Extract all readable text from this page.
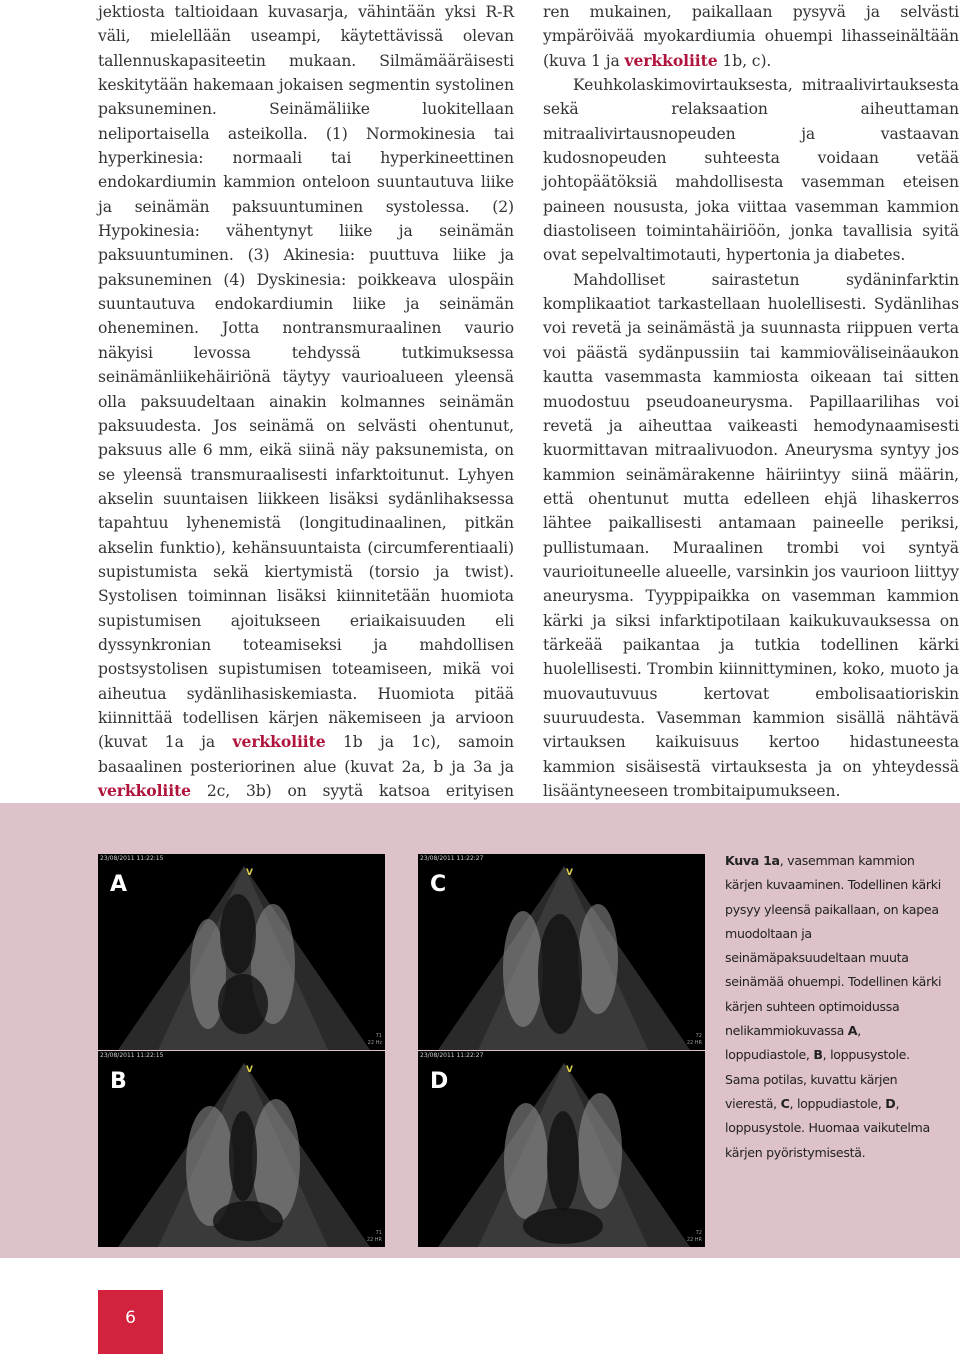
jektiosta taltioidaan kuvasarja, vähintään yksi R-R väli, mielellään useampi, käytettävissä olevan tallennuskapasiteetin mukaan. Silmämääräisesti keskitytään hakemaan jokaisen segmentin systolinen paksuneminen. Seinämäliike luokitellaan neliportaisella asteikolla. (1) Normokinesia tai hyperkinesia: normaali tai hyperkineettinen endokardiumin kammion onteloon suuntautuva liike ja seinämän paksuuntuminen systolessa. (2) Hypokinesia: vähentynyt liike ja seinämän paksuuntuminen. (3) Akinesia: puuttuva liike ja paksuneminen (4) Dyskinesia: poikkeava ulospäin suuntautuva endokardiumin liike ja seinämän oheneminen. Jotta nontransmuraalinen vaurio näkyisi levossa tehdyssä tutkimuksessa seinämänliikehäiriönä täytyy vaurioalueen yleensä olla paksuudeltaan ainakin kolmannes seinämän paksuudesta. Jos seinämä on selvästi ohentunut, paksuus alle 6 mm, eikä siinä näy paksunemista, on se yleensä transmuraalisesti infarktoitunut. Lyhyen akselin suuntaisen liikkeen lisäksi sydänlihaksessa tapahtuu lyhenemistä (longitudinaalinen, pitkän akselin funktio), kehänsuuntaista (circumferentiaali) supistumista sekä kiertymistä (torsio ja twist). Systolisen toiminnan lisäksi kiinnitetään huomiota supistumisen ajoitukseen eriaikaisuuden eli dyssynkronian toteamiseksi ja mahdollisen postsystolisen supistumisen toteamiseen, mikä voi aiheutua sydänlihasiskemiasta. Huomiota pitää kiinnittää todellisen kärjen näkemiseen ja arvioon (kuvat 1a ja verkkoliite 1b ja 1c), samoin basaalinen posteriorinen alue (kuvat 2a, b ja 3a ja verkkoliite 2c, 3b) on syytä katsoa erityisen

ren mukainen, paikallaan pysyvä ja selvästi ympäröivää myokardiumia ohuempi lihasseinältään (kuva 1 ja verkkoliite 1b, c).

Keuhkolaskimovirtauksesta, mitraalivirtauksesta sekä relaksaation aiheuttaman mitraalivirtausnopeuden ja vastaavan kudosnopeuden suhteesta voidaan vetää johtopäätöksiä mahdollisesta vasemman eteisen paineen noususta, joka viittaa vasemman kammion diastoliseen toimintahäiriöön, jonka tavallisia syitä ovat sepelvaltimotauti, hypertonia ja diabetes.

Mahdolliset sairastetun sydäninfarktin komplikaatiot tarkastellaan huolellisesti. Sydänlihas voi revetä ja seinämästä ja suunnasta riippuen verta voi päästä sydänpussiin tai kammioväliseinäaukon kautta vasemmasta kammiosta oikeaan tai sitten muodostuu pseudoaneurysma. Papillaarilihas voi revetä ja aiheuttaa vaikeasti hemodynaamisesti kuormittavan mitraalivuodon. Aneurysma syntyy jos kammion seinämärakenne häiriintyy siinä määrin, että ohentunut mutta edelleen ehjä lihaskerros lähtee paikallisesti antamaan paineelle periksi, pullistumaan. Muraalinen trombi voi syntyä vaurioituneelle alueelle, varsinkin jos vaurioon liittyy aneurysma. Tyyppipaikka on vasemman kammion kärki ja siksi infarktipotilaan kaikukuvauksessa on tärkeää paikantaa ja tutkia todellinen kärki huolellisesti. Trombin kiinnittyminen, koko, muoto ja muovautuvuus kertovat embolisaatioriskin suuruudesta. Vasemman kammion sisällä nähtävä virtauksen kaikuisuus kertoo hidastuneesta kammion sisäisestä virtauksesta ja on yhteydessä lisääntyneeseen trombitaipumukseen.

23/08/2011 11:22:15
V
A
71
22 Hz
23/08/2011 11:22:27
V
C
72
22 HR
23/08/2011 11:22:15
V
B
71
22 HR
23/08/2011 11:22:27
V
D
72
22 HR
Kuva 1a, vasemman kammion kärjen kuvaaminen. Todellinen kärki pysyy yleensä paikallaan, on kapea muodoltaan ja seinämäpaksuudeltaan muuta seinämää ohuempi. Todellinen kärki kärjen suhteen optimoidussa nelikammiokuvassa A, loppudiastole, B, loppusystole. Sama potilas, kuvattu kärjen vierestä, C, loppudiastole, D, loppusystole. Huomaa vaikutelma kärjen pyöristymisestä.
6
